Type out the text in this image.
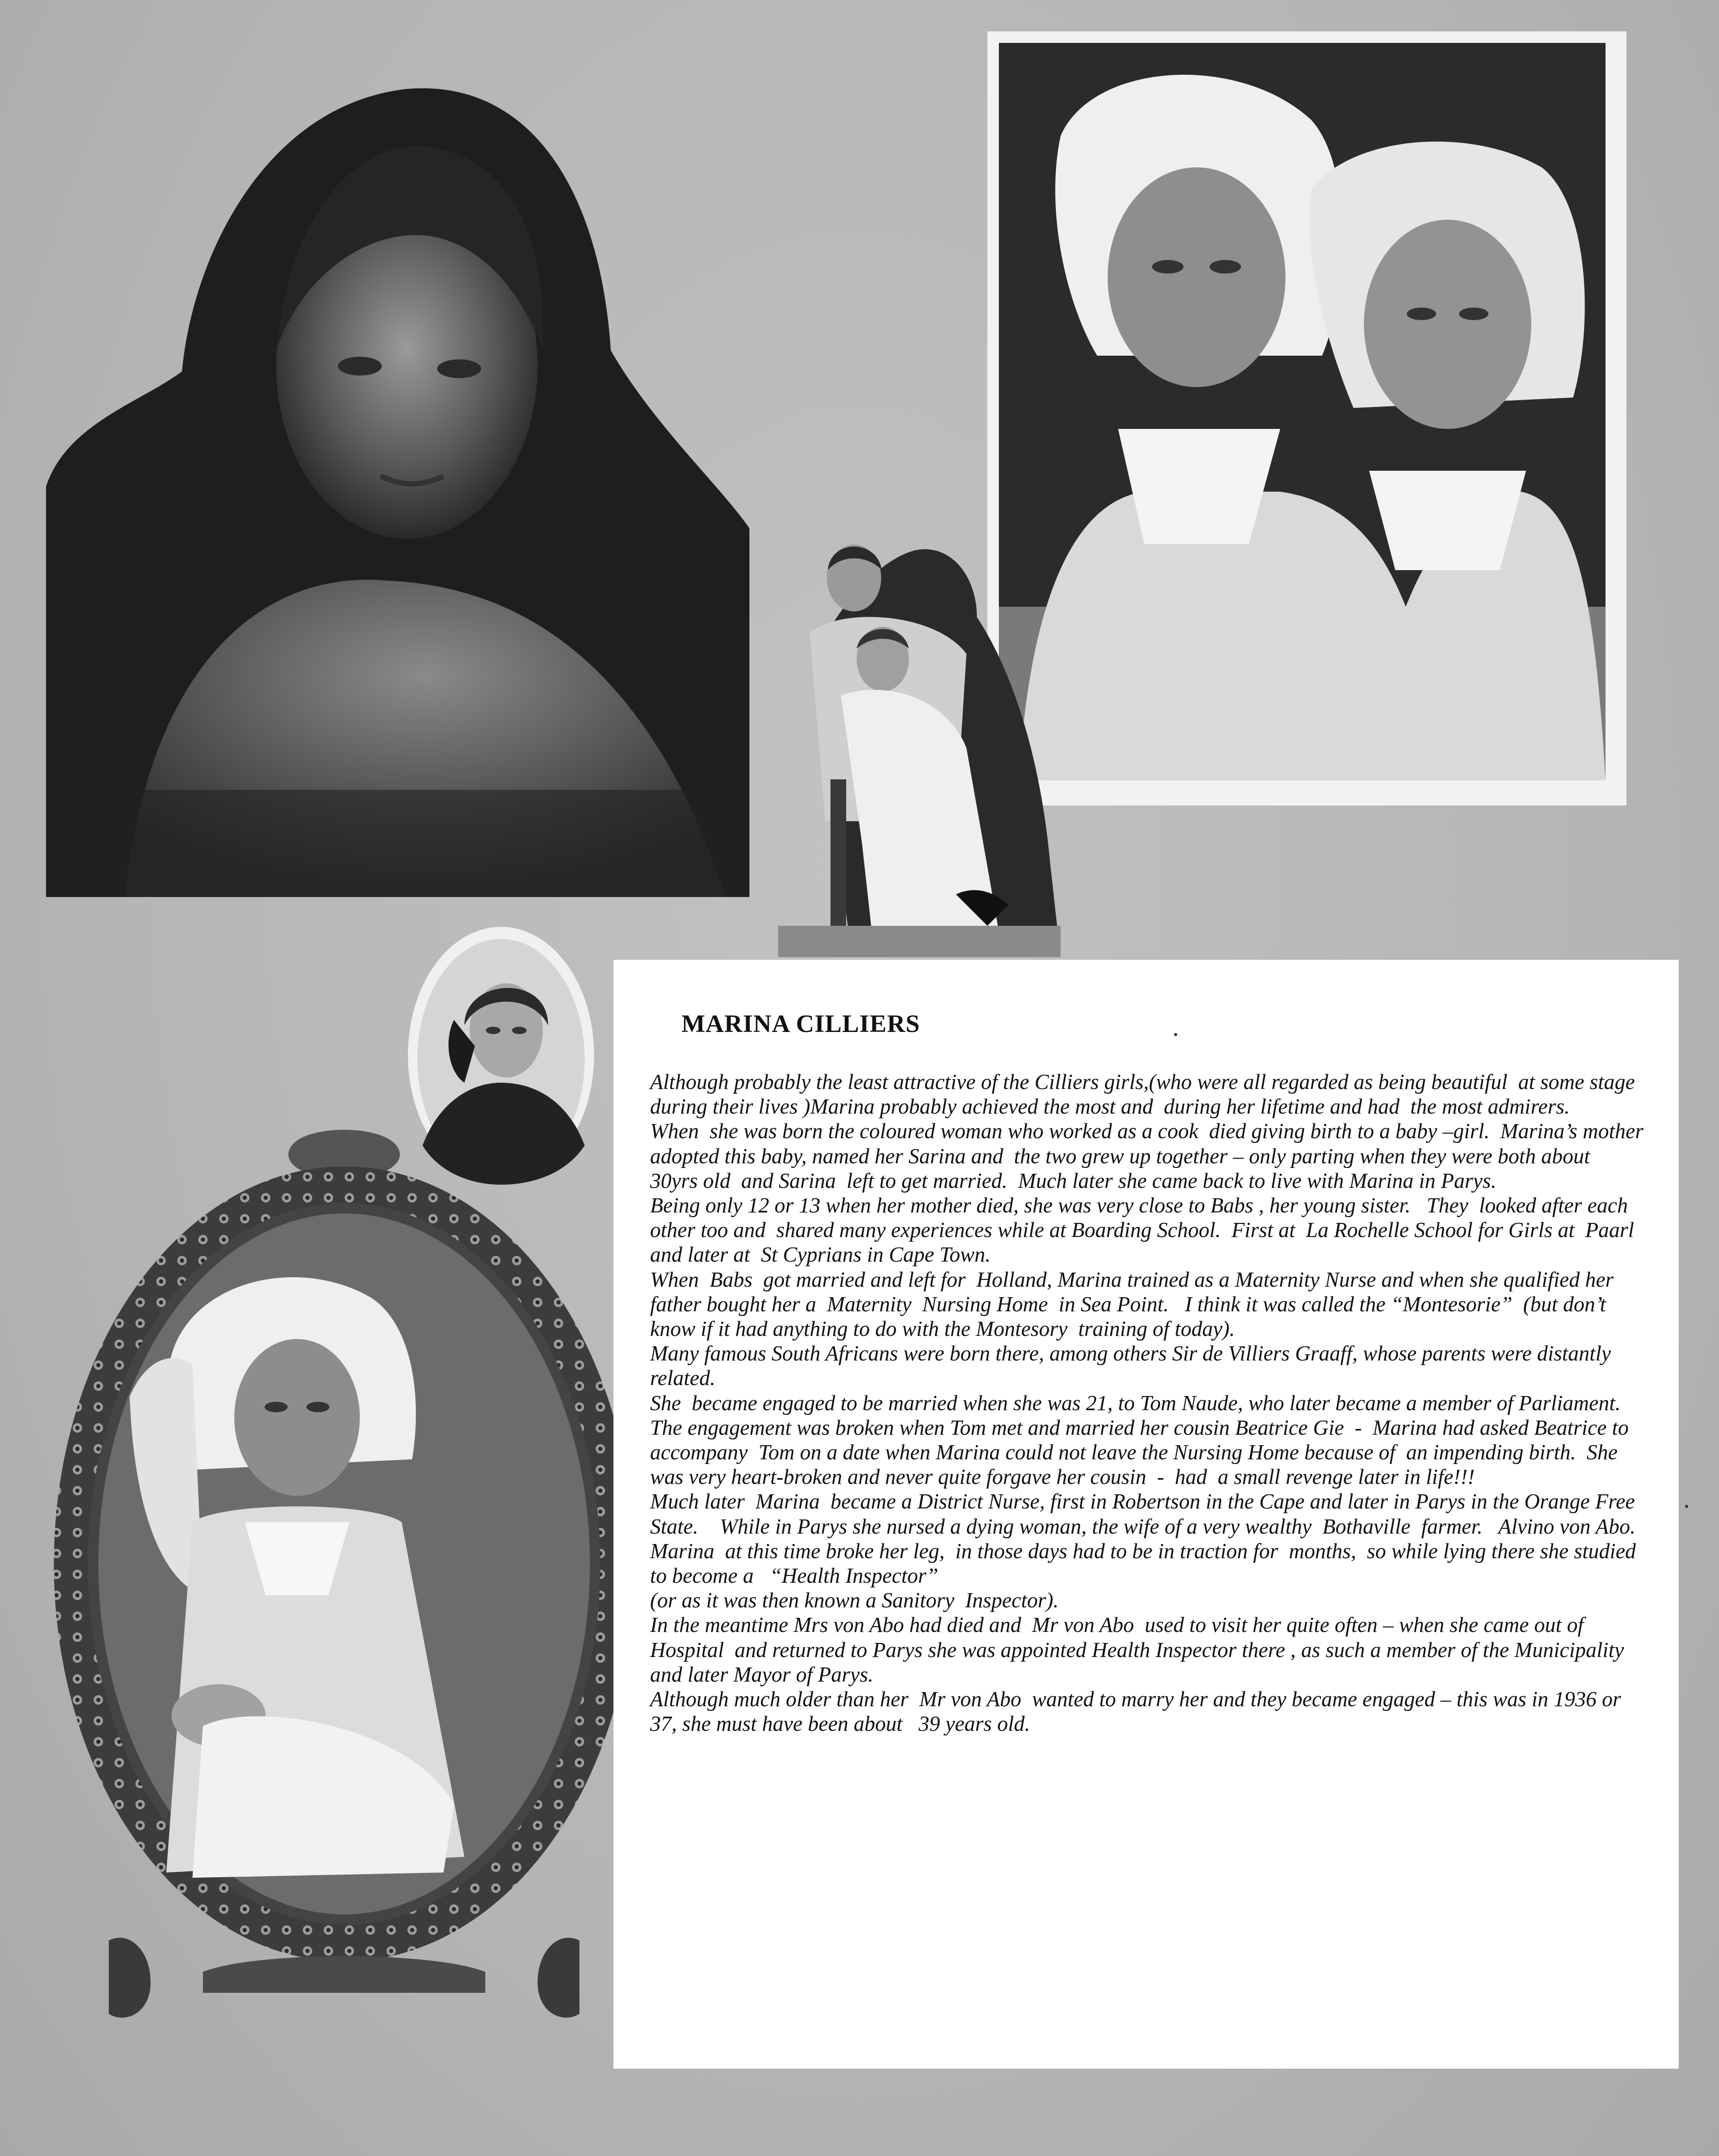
MARINA CILLIERS

Although probably the least attractive of the Cilliers girls,(who were all regarded as being beautiful  at some stage during their lives )Marina probably achieved the most and  during her lifetime and had  the most admirers.

When  she was born the coloured woman who worked as a cook  died giving birth to a baby –girl.  Marina’s mother adopted this baby, named her Sarina and  the two grew up together – only parting when they were both about  30yrs old  and Sarina  left to get married.  Much later she came back to live with Marina in Parys.

Being only 12 or 13 when her mother died, she was very close to Babs , her young sister.   They  looked after each other too and  shared many experiences while at Boarding School.  First at  La Rochelle School for Girls at  Paarl and later at  St Cyprians in Cape Town.

When  Babs  got married and left for  Holland, Marina trained as a Maternity Nurse and when she qualified her  father bought her a  Maternity  Nursing Home  in Sea Point.   I think it was called the “Montesorie”  (but don’t know if it had anything to do with the Montesory  training of today).

Many famous South Africans were born there, among others Sir de Villiers Graaff, whose parents were distantly related.

She  became engaged to be married when she was 21, to Tom Naude, who later became a member of Parliament.    The engagement was broken when Tom met and married her cousin Beatrice Gie  -  Marina had asked Beatrice to accompany  Tom on a date when Marina could not leave the Nursing Home because of  an impending birth.  She was very heart-broken and never quite forgave her cousin  -  had  a small revenge later in life!!!

Much later  Marina  became a District Nurse, first in Robertson in the Cape and later in Parys in the Orange Free State.    While in Parys she nursed a dying woman, the wife of a very wealthy  Bothaville  farmer.   Alvino von Abo.

Marina  at this time broke her leg,  in those days had to be in traction for  months,  so while lying there she studied to become a   “Health Inspector”

(or as it was then known a Sanitory  Inspector).

In the meantime Mrs von Abo had died and  Mr von Abo  used to visit her quite often – when she came out of  Hospital  and returned to Parys she was appointed Health Inspector there , as such a member of the Municipality and later Mayor of Parys.

Although much older than her  Mr von Abo  wanted to marry her and they became engaged – this was in 1936 or 37, she must have been about   39 years old.
